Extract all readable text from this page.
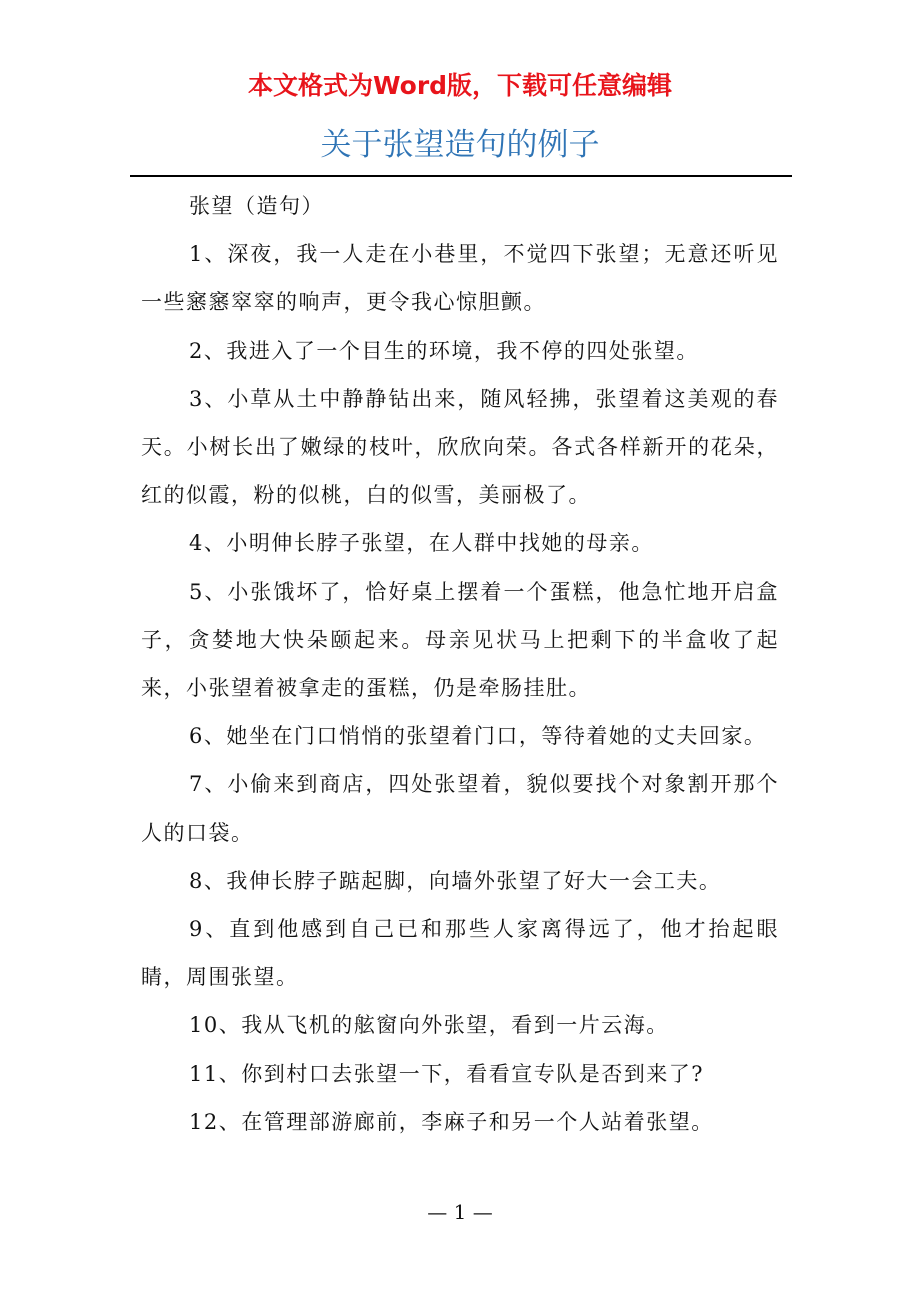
本文格式为Word版，下载可任意编辑
关于张望造句的例子

张望（造句）

1、深夜，我一人走在小巷里，不觉四下张望；无意还听见一些窸窸窣窣的响声，更令我心惊胆颤。

2、我进入了一个目生的环境，我不停的四处张望。

3、小草从土中静静钻出来，随风轻拂，张望着这美观的春天。小树长出了嫩绿的枝叶，欣欣向荣。各式各样新开的花朵，红的似霞，粉的似桃，白的似雪，美丽极了。

4、小明伸长脖子张望，在人群中找她的母亲。

5、小张饿坏了，恰好桌上摆着一个蛋糕，他急忙地开启盒子，贪婪地大快朵颐起来。母亲见状马上把剩下的半盒收了起来，小张望着被拿走的蛋糕，仍是牵肠挂肚。

6、她坐在门口悄悄的张望着门口，等待着她的丈夫回家。

7、小偷来到商店，四处张望着，貌似要找个对象割开那个人的口袋。

8、我伸长脖子踮起脚，向墙外张望了好大一会工夫。

9、直到他感到自己已和那些人家离得远了，他才抬起眼睛，周围张望。

10、我从飞机的舷窗向外张望，看到一片云海。

11、你到村口去张望一下，看看宣专队是否到来了?

12、在管理部游廊前，李麻子和另一个人站着张望。

— 1 —
